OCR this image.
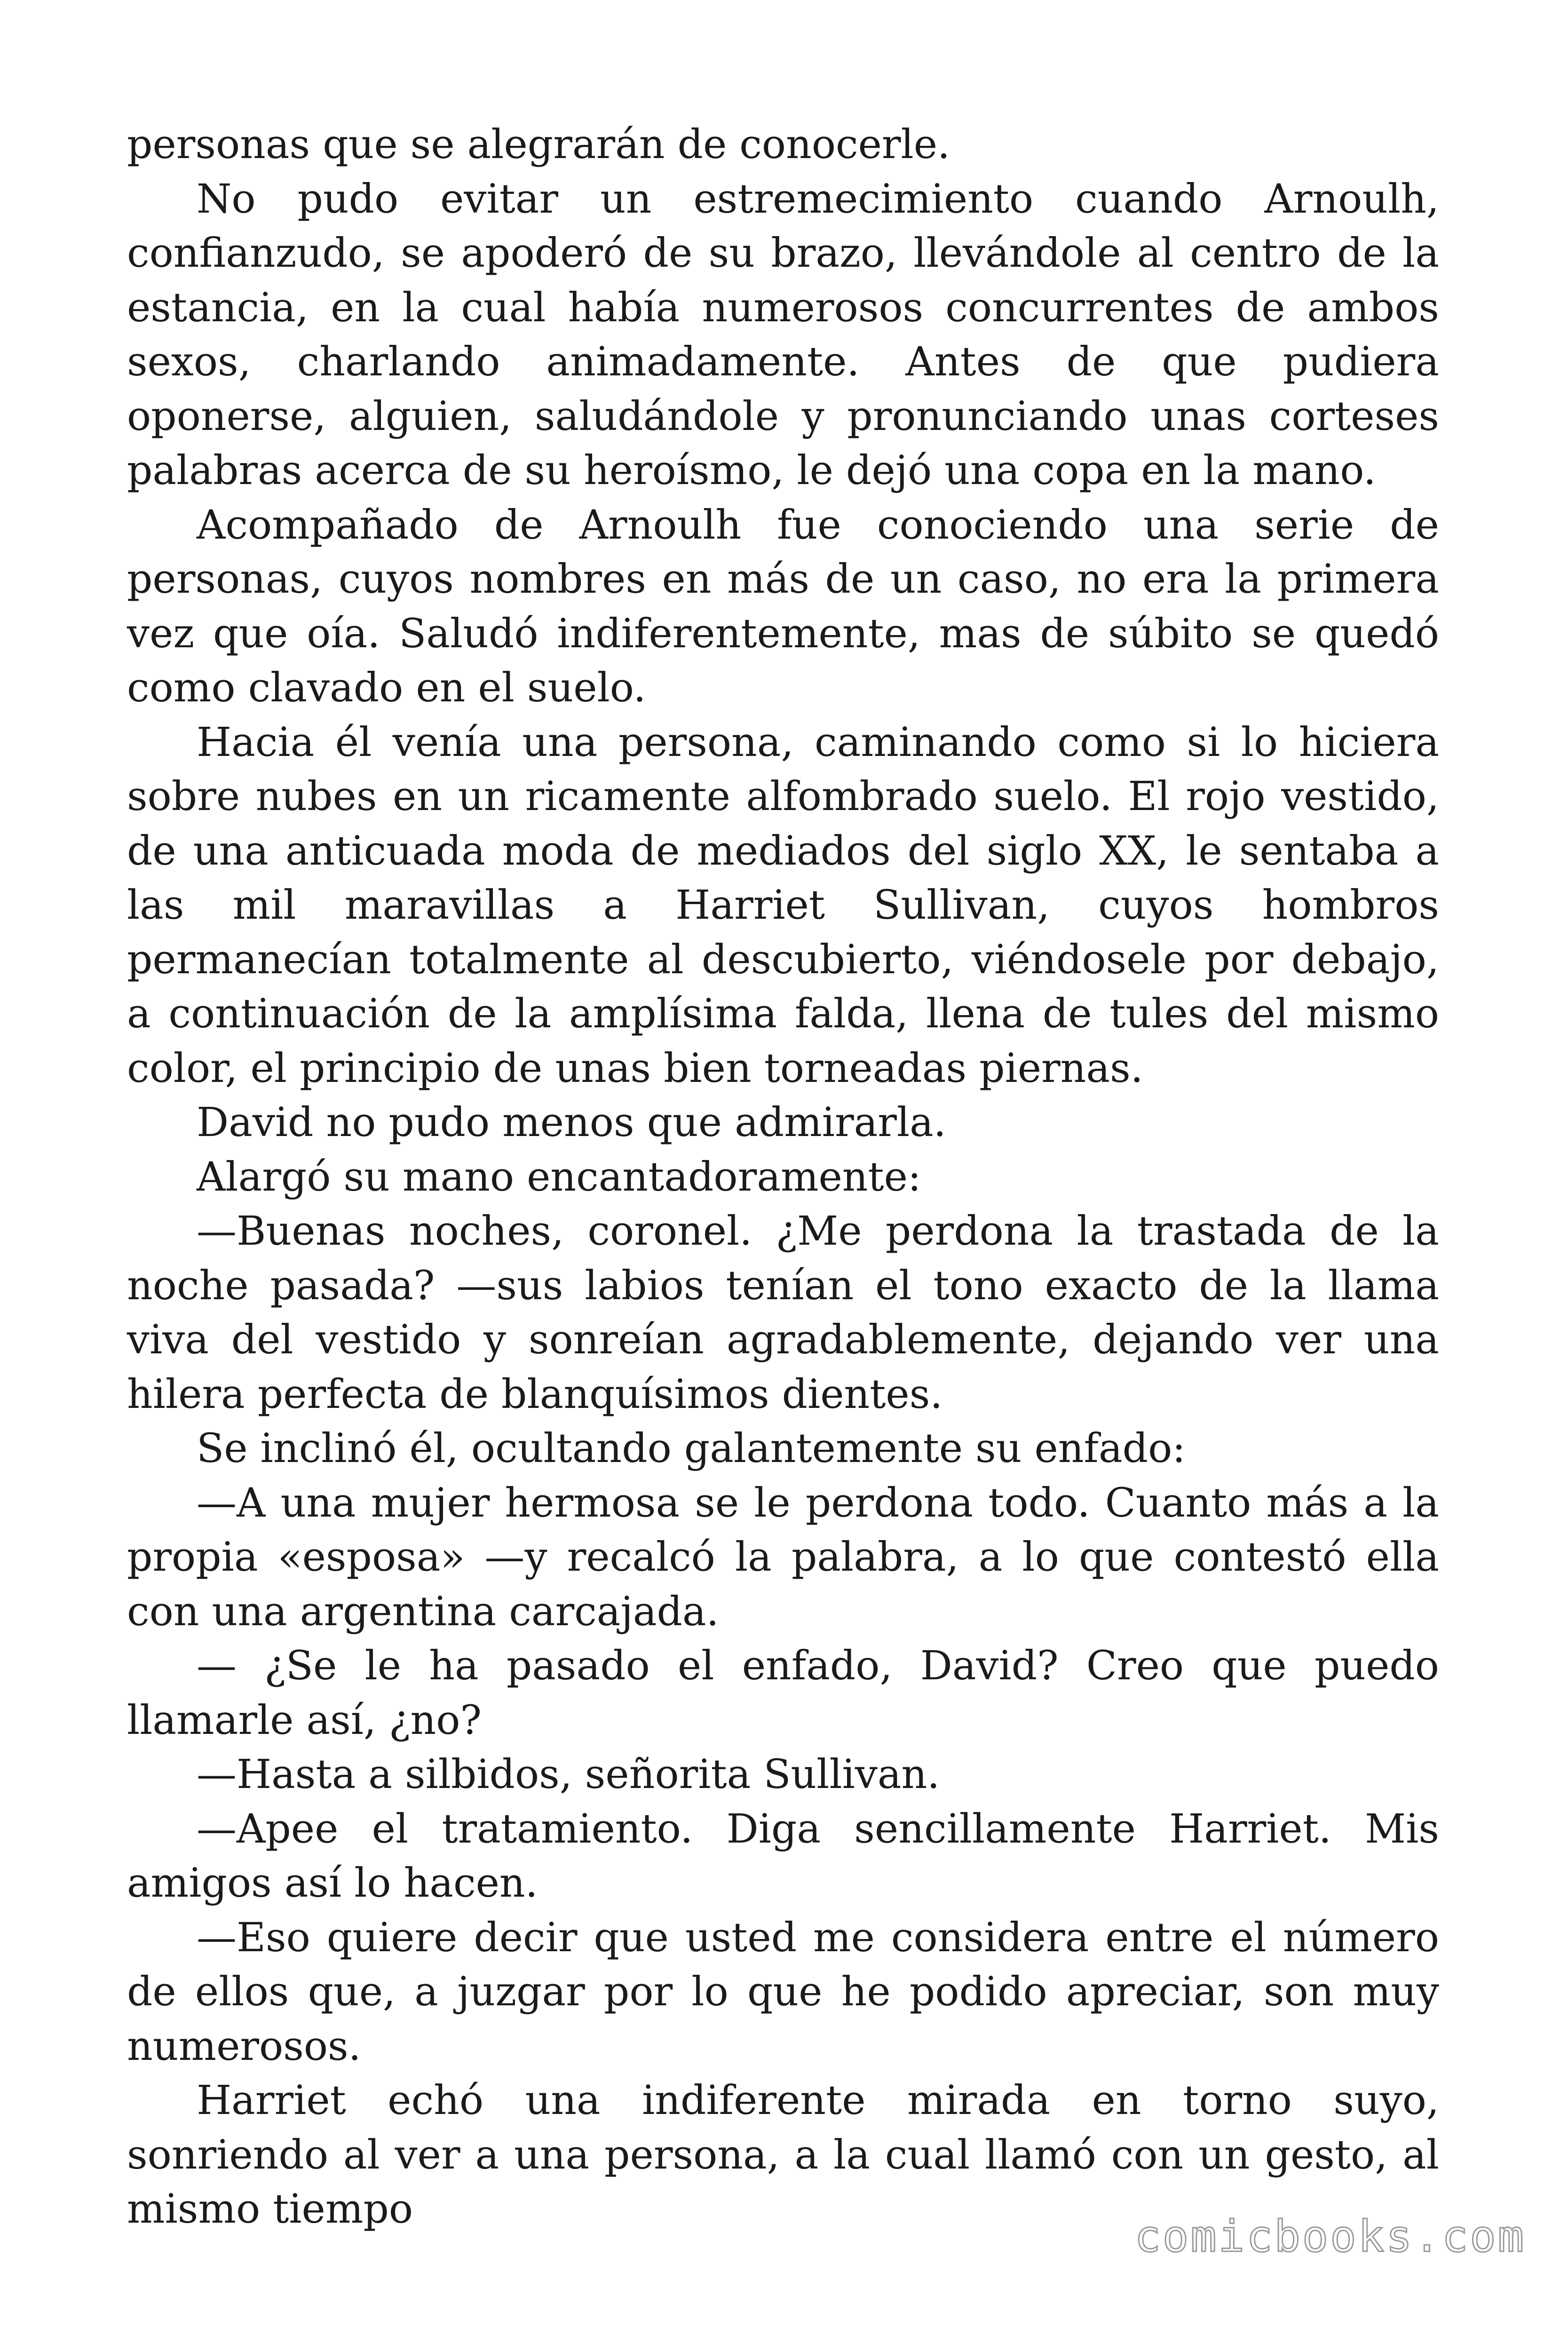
personas que se alegrarán de conocerle.

No pudo evitar un estremecimiento cuando Arnoulh, confianzudo, se apoderó de su brazo, llevándole al centro de la estancia, en la cual había numerosos concurrentes de ambos sexos, charlando animadamente. Antes de que pudiera oponerse, alguien, saludándole y pronunciando unas corteses palabras acerca de su heroísmo, le dejó una copa en la mano.

Acompañado de Arnoulh fue conociendo una serie de personas, cuyos nombres en más de un caso, no era la primera vez que oía. Saludó indiferentemente, mas de súbito se quedó como clavado en el suelo.

Hacia él venía una persona, caminando como si lo hiciera sobre nubes en un ricamente alfombrado suelo. El rojo vestido, de una anticuada moda de mediados del siglo XX, le sentaba a las mil maravillas a Harriet Sullivan, cuyos hombros permanecían totalmente al descubierto, viéndosele por debajo, a continuación de la amplísima falda, llena de tules del mismo color, el principio de unas bien torneadas piernas.

David no pudo menos que admirarla.

Alargó su mano encantadoramente:

—Buenas noches, coronel. ¿Me perdona la trastada de la noche pasada? —sus labios tenían el tono exacto de la llama viva del vestido y sonreían agradablemente, dejando ver una hilera perfecta de blanquísimos dientes.

Se inclinó él, ocultando galantemente su enfado:

—A una mujer hermosa se le perdona todo. Cuanto más a la propia «esposa» —y recalcó la palabra, a lo que contestó ella con una argentina carcajada.

— ¿Se le ha pasado el enfado, David? Creo que puedo llamarle así, ¿no?

—Hasta a silbidos, señorita Sullivan.

—Apee el tratamiento. Diga sencillamente Harriet. Mis amigos así lo hacen.

—Eso quiere decir que usted me considera entre el número de ellos que, a juzgar por lo que he podido apreciar, son muy numerosos.

Harriet echó una indiferente mirada en torno suyo, sonriendo al ver a una persona, a la cual llamó con un gesto, al mismo tiempo

comicbooks.com
